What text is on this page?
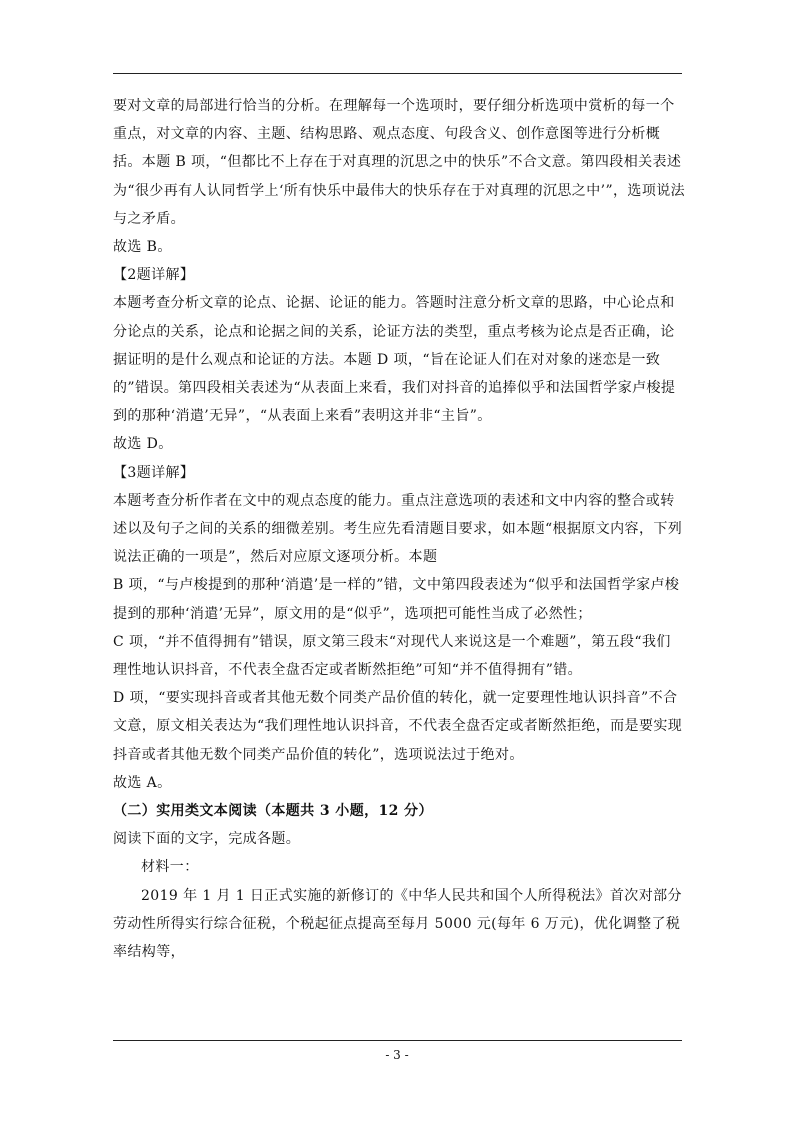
要对文章的局部进行恰当的分析。在理解每一个选项时，要仔细分析选项中赏析的每一个重点，对文章的内容、主题、结构思路、观点态度、句段含义、创作意图等进行分析概括。本题 B 项，“但都比不上存在于对真理的沉思之中的快乐”不合文意。第四段相关表述为“很少再有人认同哲学上‘所有快乐中最伟大的快乐存在于对真理的沉思之中’”，选项说法与之矛盾。

故选 B。

【2题详解】

本题考查分析文章的论点、论据、论证的能力。答题时注意分析文章的思路，中心论点和分论点的关系，论点和论据之间的关系，论证方法的类型，重点考核为论点是否正确，论据证明的是什么观点和论证的方法。本题 D 项，“旨在论证人们在对对象的迷恋是一致的”错误。第四段相关表述为“从表面上来看，我们对抖音的追捧似乎和法国哲学家卢梭提到的那种‘消遣’无异”，“从表面上来看”表明这并非“主旨”。

故选 D。

【3题详解】

本题考查分析作者在文中的观点态度的能力。重点注意选项的表述和文中内容的整合或转述以及句子之间的关系的细微差别。考生应先看清题目要求，如本题“根据原文内容，下列说法正确的一项是”，然后对应原文逐项分析。本题

B 项，“与卢梭提到的那种‘消遣’是一样的”错，文中第四段表述为“似乎和法国哲学家卢梭提到的那种‘消遣’无异”，原文用的是“似乎”，选项把可能性当成了必然性；

C 项，“并不值得拥有”错误，原文第三段末“对现代人来说这是一个难题”，第五段“我们理性地认识抖音，不代表全盘否定或者断然拒绝”可知“并不值得拥有”错。

D 项，“要实现抖音或者其他无数个同类产品价值的转化，就一定要理性地认识抖音”不合文意，原文相关表达为“我们理性地认识抖音，不代表全盘否定或者断然拒绝，而是要实现抖音或者其他无数个同类产品价值的转化”，选项说法过于绝对。

故选 A。

（二）实用类文本阅读（本题共 3 小题，12 分）

阅读下面的文字，完成各题。

材料一：

2019 年 1 月 1 日正式实施的新修订的《中华人民共和国个人所得税法》首次对部分劳动性所得实行综合征税，个税起征点提高至每月 5000 元(每年 6 万元)，优化调整了税率结构等，

- 3 -
